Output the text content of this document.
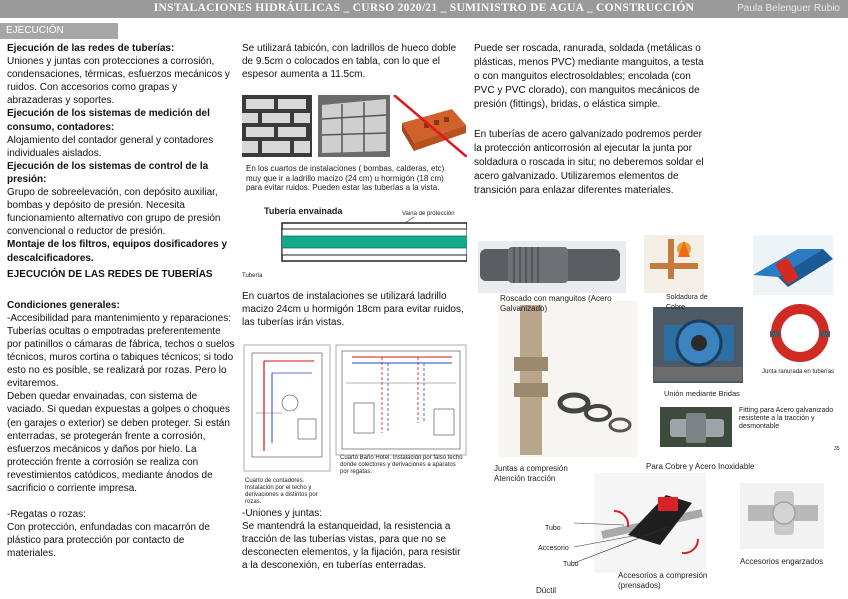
INSTALACIONES HIDRÁULICAS _ CURSO 2020/21 _ SUMINISTRO DE AGUA _ CONSTRUCCIÓN	Paula Belenguer Rubio
EJECUCIÓN

Ejecución de las redes de tuberías:

Uniones y juntas con protecciones a corrosión, condensaciones, térmicas, esfuerzos mecánicos y ruidos. Con accesorios como grapas y abrazaderas y soportes.

Ejecución de los sistemas de medición del consumo, contadores:

Alojamiento del contador general y contadores individuales aislados.

Ejecución de los sistemas de control de la presión:

Grupo de sobreelevación, con depósito auxiliar, bombas y depósito de presión. Necesita funcionamiento alternativo con grupo de presión convencional o reductor de presión.

Montaje de los filtros, equipos dosificadores y descalcificadores.

EJECUCIÓN DE LAS REDES DE TUBERÍAS

Condiciones generales:

-Accesibilidad para mantenimiento y reparaciones: Tuberías ocultas o empotradas preferentemente por patinillos o cámaras de fábrica, techos o suelos técnicos, muros cortina o tabiques técnicos; si todo esto no es posible, se realizará por rozas. Pero lo evitaremos.

Deben quedar envainadas, con sistema de vaciado. Si quedan expuestas a golpes o choques (en garajes o exterior) se deben proteger. Si están enterradas, se protegerán frente a corrosión, esfuerzos mecánicos y daños por hielo. La protección frente a corrosión se realiza con revestimientos catódicos, mediante ánodos de sacrificio o corriente impresa.

-Regatas o rozas:

Con protección, enfundadas con macarrón de plástico para protección por contacto de materiales.

Se utilizará tabicón, con ladrillos de hueco doble de 9.5cm o colocados en tabla, con lo que el espesor aumenta a 11.5cm.
En los cuartos de instalaciones ( bombas, calderas, etc) muy que ir a ladrillo macizo (24 cm) u hormigón (18 cm) para evitar ruidos. Pueden estar las tuberías a la vista.
Tubería envainada	Vaina de protección
Tubería
En cuartos de instalaciones se utilizará ladrillo macizo 24cm u hormigón 18cm para evitar ruidos, las tuberías irán vistas.
Cuarto de contadores. Instalación por el techo y derivaciones a distintos por rozas.
Cuarto Baño Hotel. Instalación por falso techo donde colectores y derivaciones a aparatos por regatas.
-Uniones y juntas:
Se mantendrá la estanqueidad, la resistencia a tracción de las tuberías vistas, para que no se desconecten elementos, y la fijación, para resistir a la desconexión, en tuberías enterradas.
Puede ser roscada, ranurada, soldada (metálicas o plásticas, menos PVC) mediante manguitos, a testa o con manguitos electrosoldables; encolada (con PVC y PVC clorado), con manguitos mecánicos de presión (fittings), bridas, o elástica simple.
En tuberías de acero galvanizado podremos perder la protección anticorrosión al ejecutar la junta por soldadura o roscada in situ; no deberemos soldar el acero galvanizado. Utilizaremos elementos de transición para enlazar diferentes materiales.
Roscado con manguitos (Acero Galvanizado)
Soldadura de Cobre
Junta ranurada en tuberías
Unión mediante Bridas
Fitting para Acero galvanizado resistente a la tracción y desmontable
35
Juntas a compresión Atención tracción
Para Cobre y Acero Inoxidable
Tubo
Accesorio
Tubo
Accesorios a compresión (prensados)
Dúctil
Accesorios engarzados
